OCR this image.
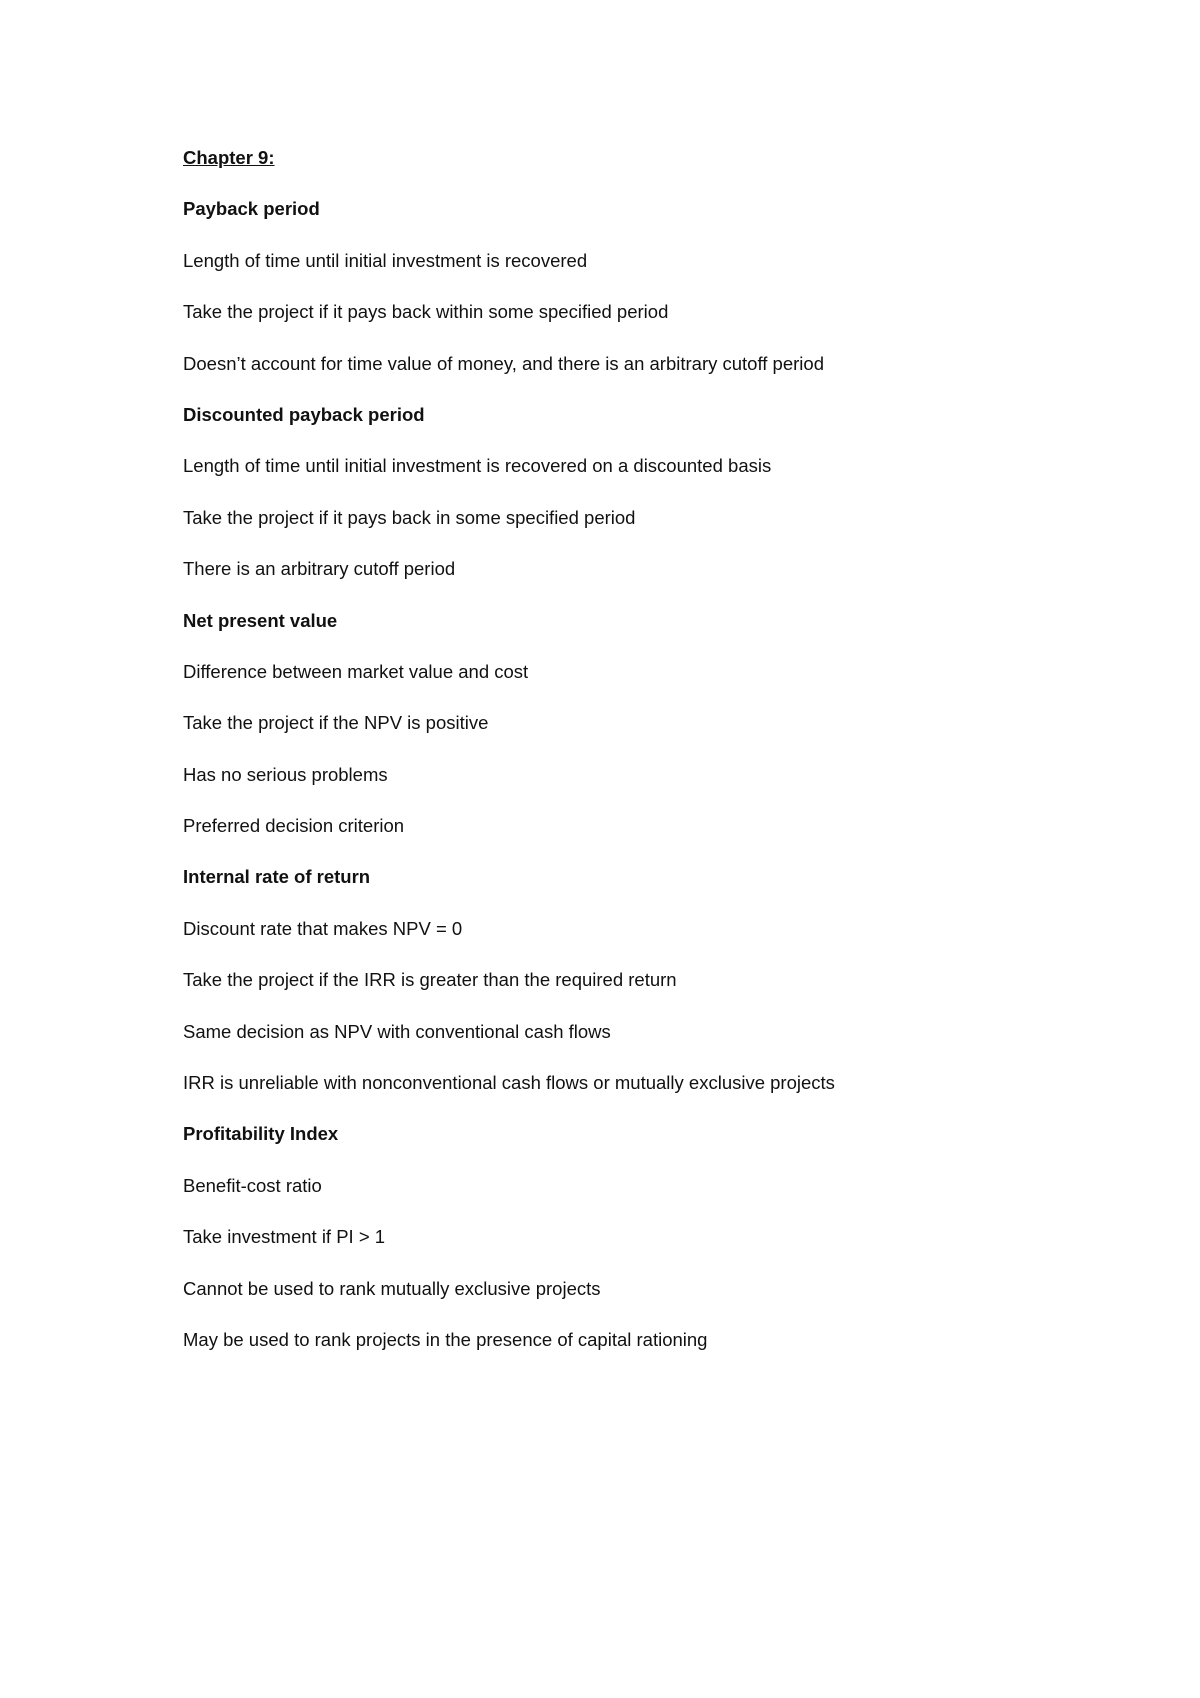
Chapter 9:
Payback period
Length of time until initial investment is recovered
Take the project if it pays back within some specified period
Doesn’t account for time value of money, and there is an arbitrary cutoff period
Discounted payback period
Length of time until initial investment is recovered on a discounted basis
Take the project if it pays back in some specified period
There is an arbitrary cutoff period
Net present value
Difference between market value and cost
Take the project if the NPV is positive
Has no serious problems
Preferred decision criterion
Internal rate of return
Discount rate that makes NPV = 0
Take the project if the IRR is greater than the required return
Same decision as NPV with conventional cash flows
IRR is unreliable with nonconventional cash flows or mutually exclusive projects
Profitability Index
Benefit-cost ratio
Take investment if PI > 1
Cannot be used to rank mutually exclusive projects
May be used to rank projects in the presence of capital rationing
